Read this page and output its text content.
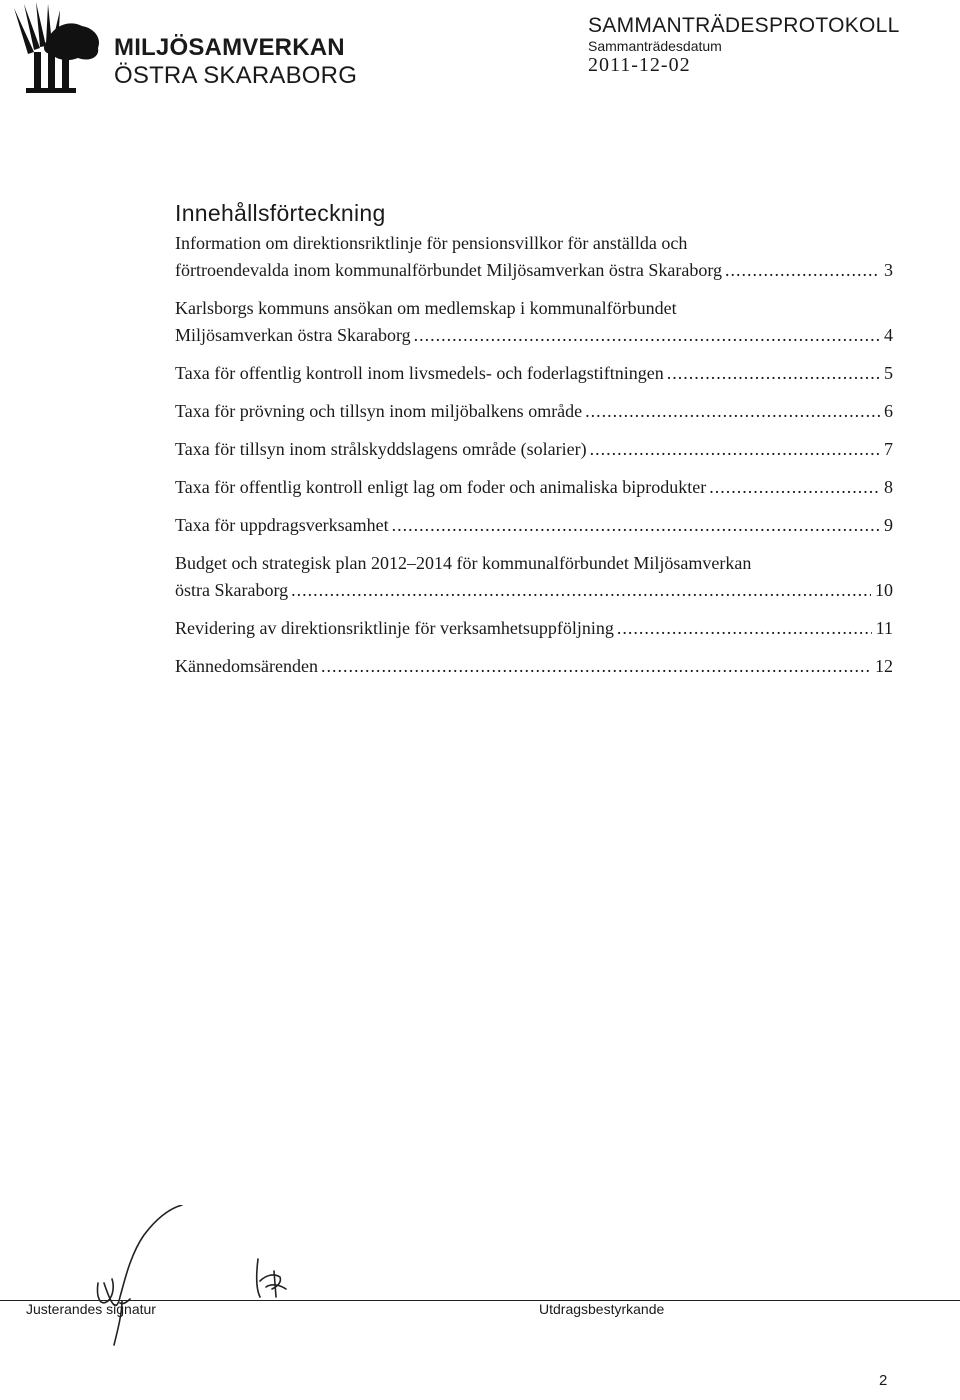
MILJÖSAMVERKAN
ÖSTRA SKARABORG
SAMMANTRÄDESPROTOKOLL
Sammanträdesdatum
2011-12-02
Innehållsförteckning
Information om direktionsriktlinje för pensionsvillkor för anställda och
förtroendevalda inom kommunalförbundet Miljösamverkan östra Skaraborg .....	3
Karlsborgs kommuns ansökan om medlemskap i kommunalförbundet
Miljösamverkan östra Skaraborg .....	4
Taxa för offentlig kontroll inom livsmedels- och foderlagstiftningen .....	5
Taxa för prövning och tillsyn inom miljöbalkens område .....	6
Taxa för tillsyn inom strålskyddslagens område (solarier) .....	7
Taxa för offentlig kontroll enligt lag om foder och animaliska biprodukter .....	8
Taxa för uppdragsverksamhet .....	9
Budget och strategisk plan 2012–2014 för kommunalförbundet Miljösamverkan
östra Skaraborg .....	10
Revidering av direktionsriktlinje för verksamhetsuppföljning .....	11
Kännedomsärenden .....	12
Justerandes signatur	Utdragsbestyrkande
2
